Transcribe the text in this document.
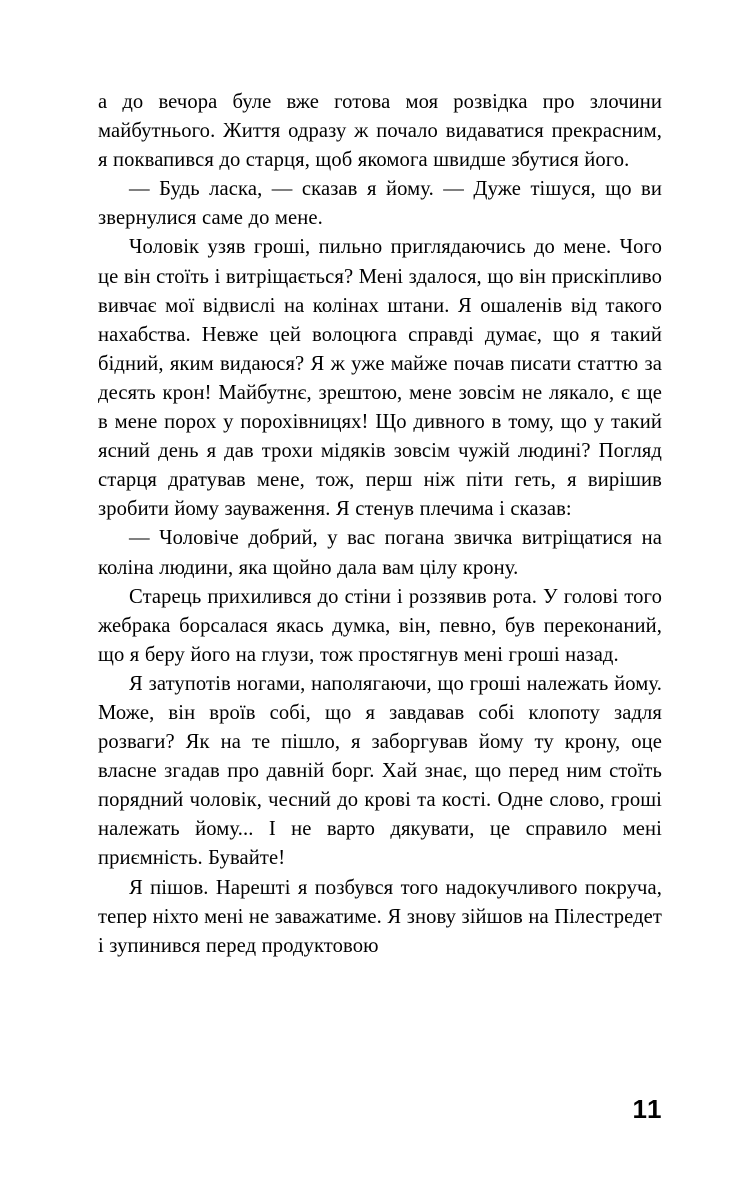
а до вечора буле вже готова моя розвідка про злочини майбутнього. Життя одразу ж почало видаватися прекрасним, я поквапився до старця, щоб якомога швидше збутися його.

— Будь ласка, — сказав я йому. — Дуже тішуся, що ви звернулися саме до мене.

Чоловік узяв гроші, пильно приглядаючись до мене. Чого це він стоїть і витріщається? Мені здалося, що він прискіпливо вивчає мої відвислі на колінах штани. Я ошаленів від такого нахабства. Невже цей волоцюга справді думає, що я такий бідний, яким видаюся? Я ж уже майже почав писати статтю за десять крон! Майбутнє, зрештою, мене зовсім не лякало, є ще в мене порох у порохівницях! Що дивного в тому, що у такий ясний день я дав трохи мідяків зовсім чужій людині? Погляд старця дратував мене, тож, перш ніж піти геть, я вирішив зробити йому зауваження. Я стенув плечима і сказав:

— Чоловіче добрий, у вас погана звичка витріщатися на коліна людини, яка щойно дала вам цілу крону.

Старець прихилився до стіни і роззявив рота. У голові того жебрака борсалася якась думка, він, певно, був переконаний, що я беру його на глузи, тож простягнув мені гроші назад.

Я затупотів ногами, наполягаючи, що гроші належать йому. Може, він вроїв собі, що я завдавав собі клопоту задля розваги? Як на те пішло, я заборгував йому ту крону, оце власне згадав про давній борг. Хай знає, що перед ним стоїть порядний чоловік, чесний до крові та кості. Одне слово, гроші належать йому... І не варто дякувати, це справило мені приємність. Бувайте!

Я пішов. Нарешті я позбувся того надокучливого покруча, тепер ніхто мені не заважатиме. Я знову зійшов на Пілестредет і зупинився перед продуктовою

11
